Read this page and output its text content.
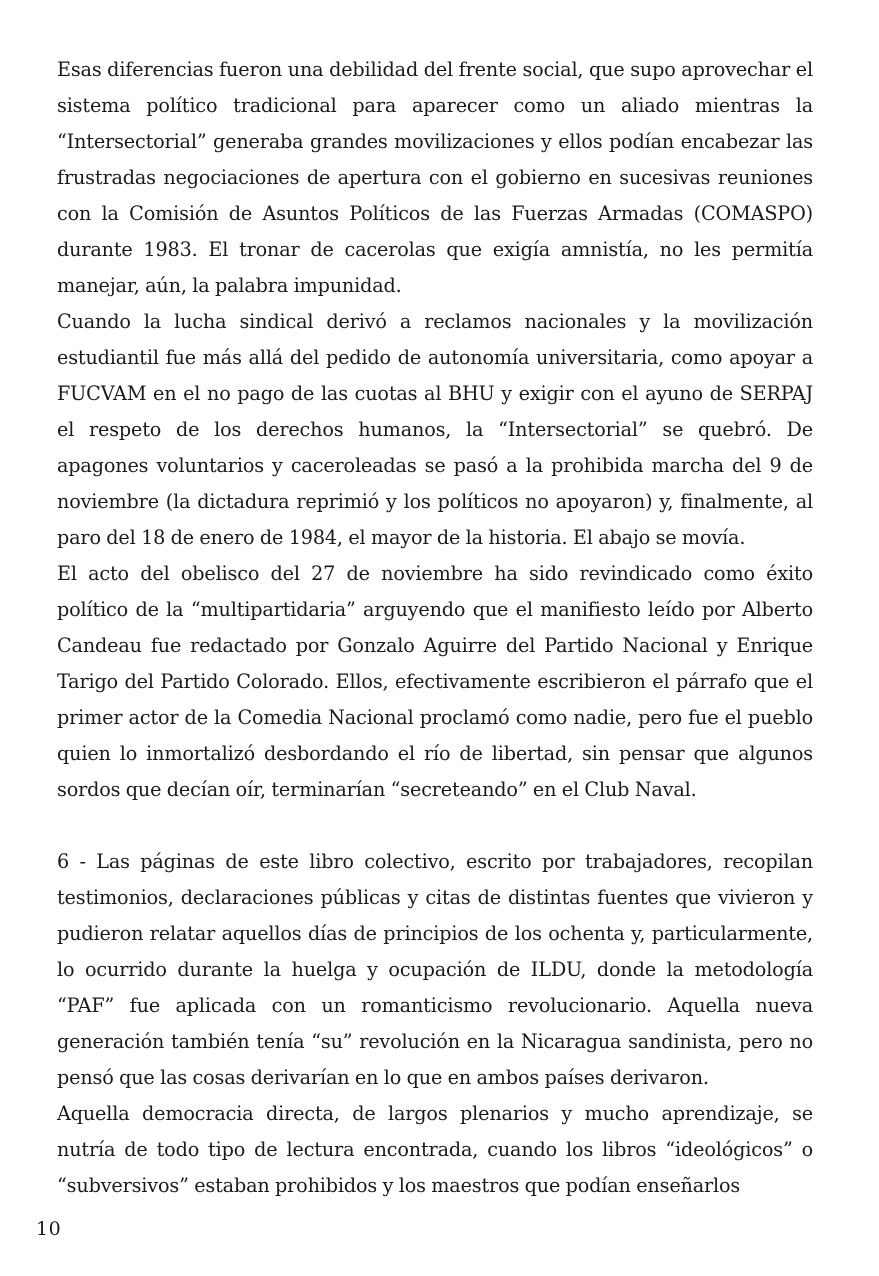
Esas diferencias fueron una debilidad del frente social, que supo aprovechar el sistema político tradicional para aparecer como un aliado mientras la “Intersectorial” generaba grandes movilizaciones y ellos podían encabezar las frustradas negociaciones de apertura con el gobierno en sucesivas reuniones con la Comisión de Asuntos Políticos de las Fuerzas Armadas (COMASPO) durante 1983. El tronar de cacerolas que exigía amnistía, no les permitía manejar, aún, la palabra impunidad.

Cuando la lucha sindical derivó a reclamos nacionales y la movilización estudiantil fue más allá del pedido de autonomía universitaria, como apoyar a FUCVAM en el no pago de las cuotas al BHU y exigir con el ayuno de SERPAJ el respeto de los derechos humanos, la “Intersectorial” se quebró. De apagones voluntarios y caceroleadas se pasó a la prohibida marcha del 9 de noviembre (la dictadura reprimió y los políticos no apoyaron) y, finalmente, al paro del 18 de enero de 1984, el mayor de la historia. El abajo se movía.

El acto del obelisco del 27 de noviembre ha sido revindicado como éxito político de la “multipartidaria” arguyendo que el manifiesto leído por Alberto Candeau fue redactado por Gonzalo Aguirre del Partido Nacional y Enrique Tarigo del Partido Colorado. Ellos, efectivamente escribieron el párrafo que el primer actor de la Comedia Nacional proclamó como nadie, pero fue el pueblo quien lo inmortalizó desbordando el río de libertad, sin pensar que algunos sordos que decían oír, terminarían “secreteando” en el Club Naval.

6 - Las páginas de este libro colectivo, escrito por trabajadores, recopilan testimonios, declaraciones públicas y citas de distintas fuentes que vivieron y pudieron relatar aquellos días de principios de los ochenta y, particularmente, lo ocurrido durante la huelga y ocupación de ILDU, donde la metodología “PAF” fue aplicada con un romanticismo revolucionario. Aquella nueva generación también tenía “su” revolución en la Nicaragua sandinista, pero no pensó que las cosas derivarían en lo que en ambos países derivaron.

Aquella democracia directa, de largos plenarios y mucho aprendizaje, se nutría de todo tipo de lectura encontrada, cuando los libros “ideológicos” o “subversivos” estaban prohibidos y los maestros que podían enseñarlos

10
